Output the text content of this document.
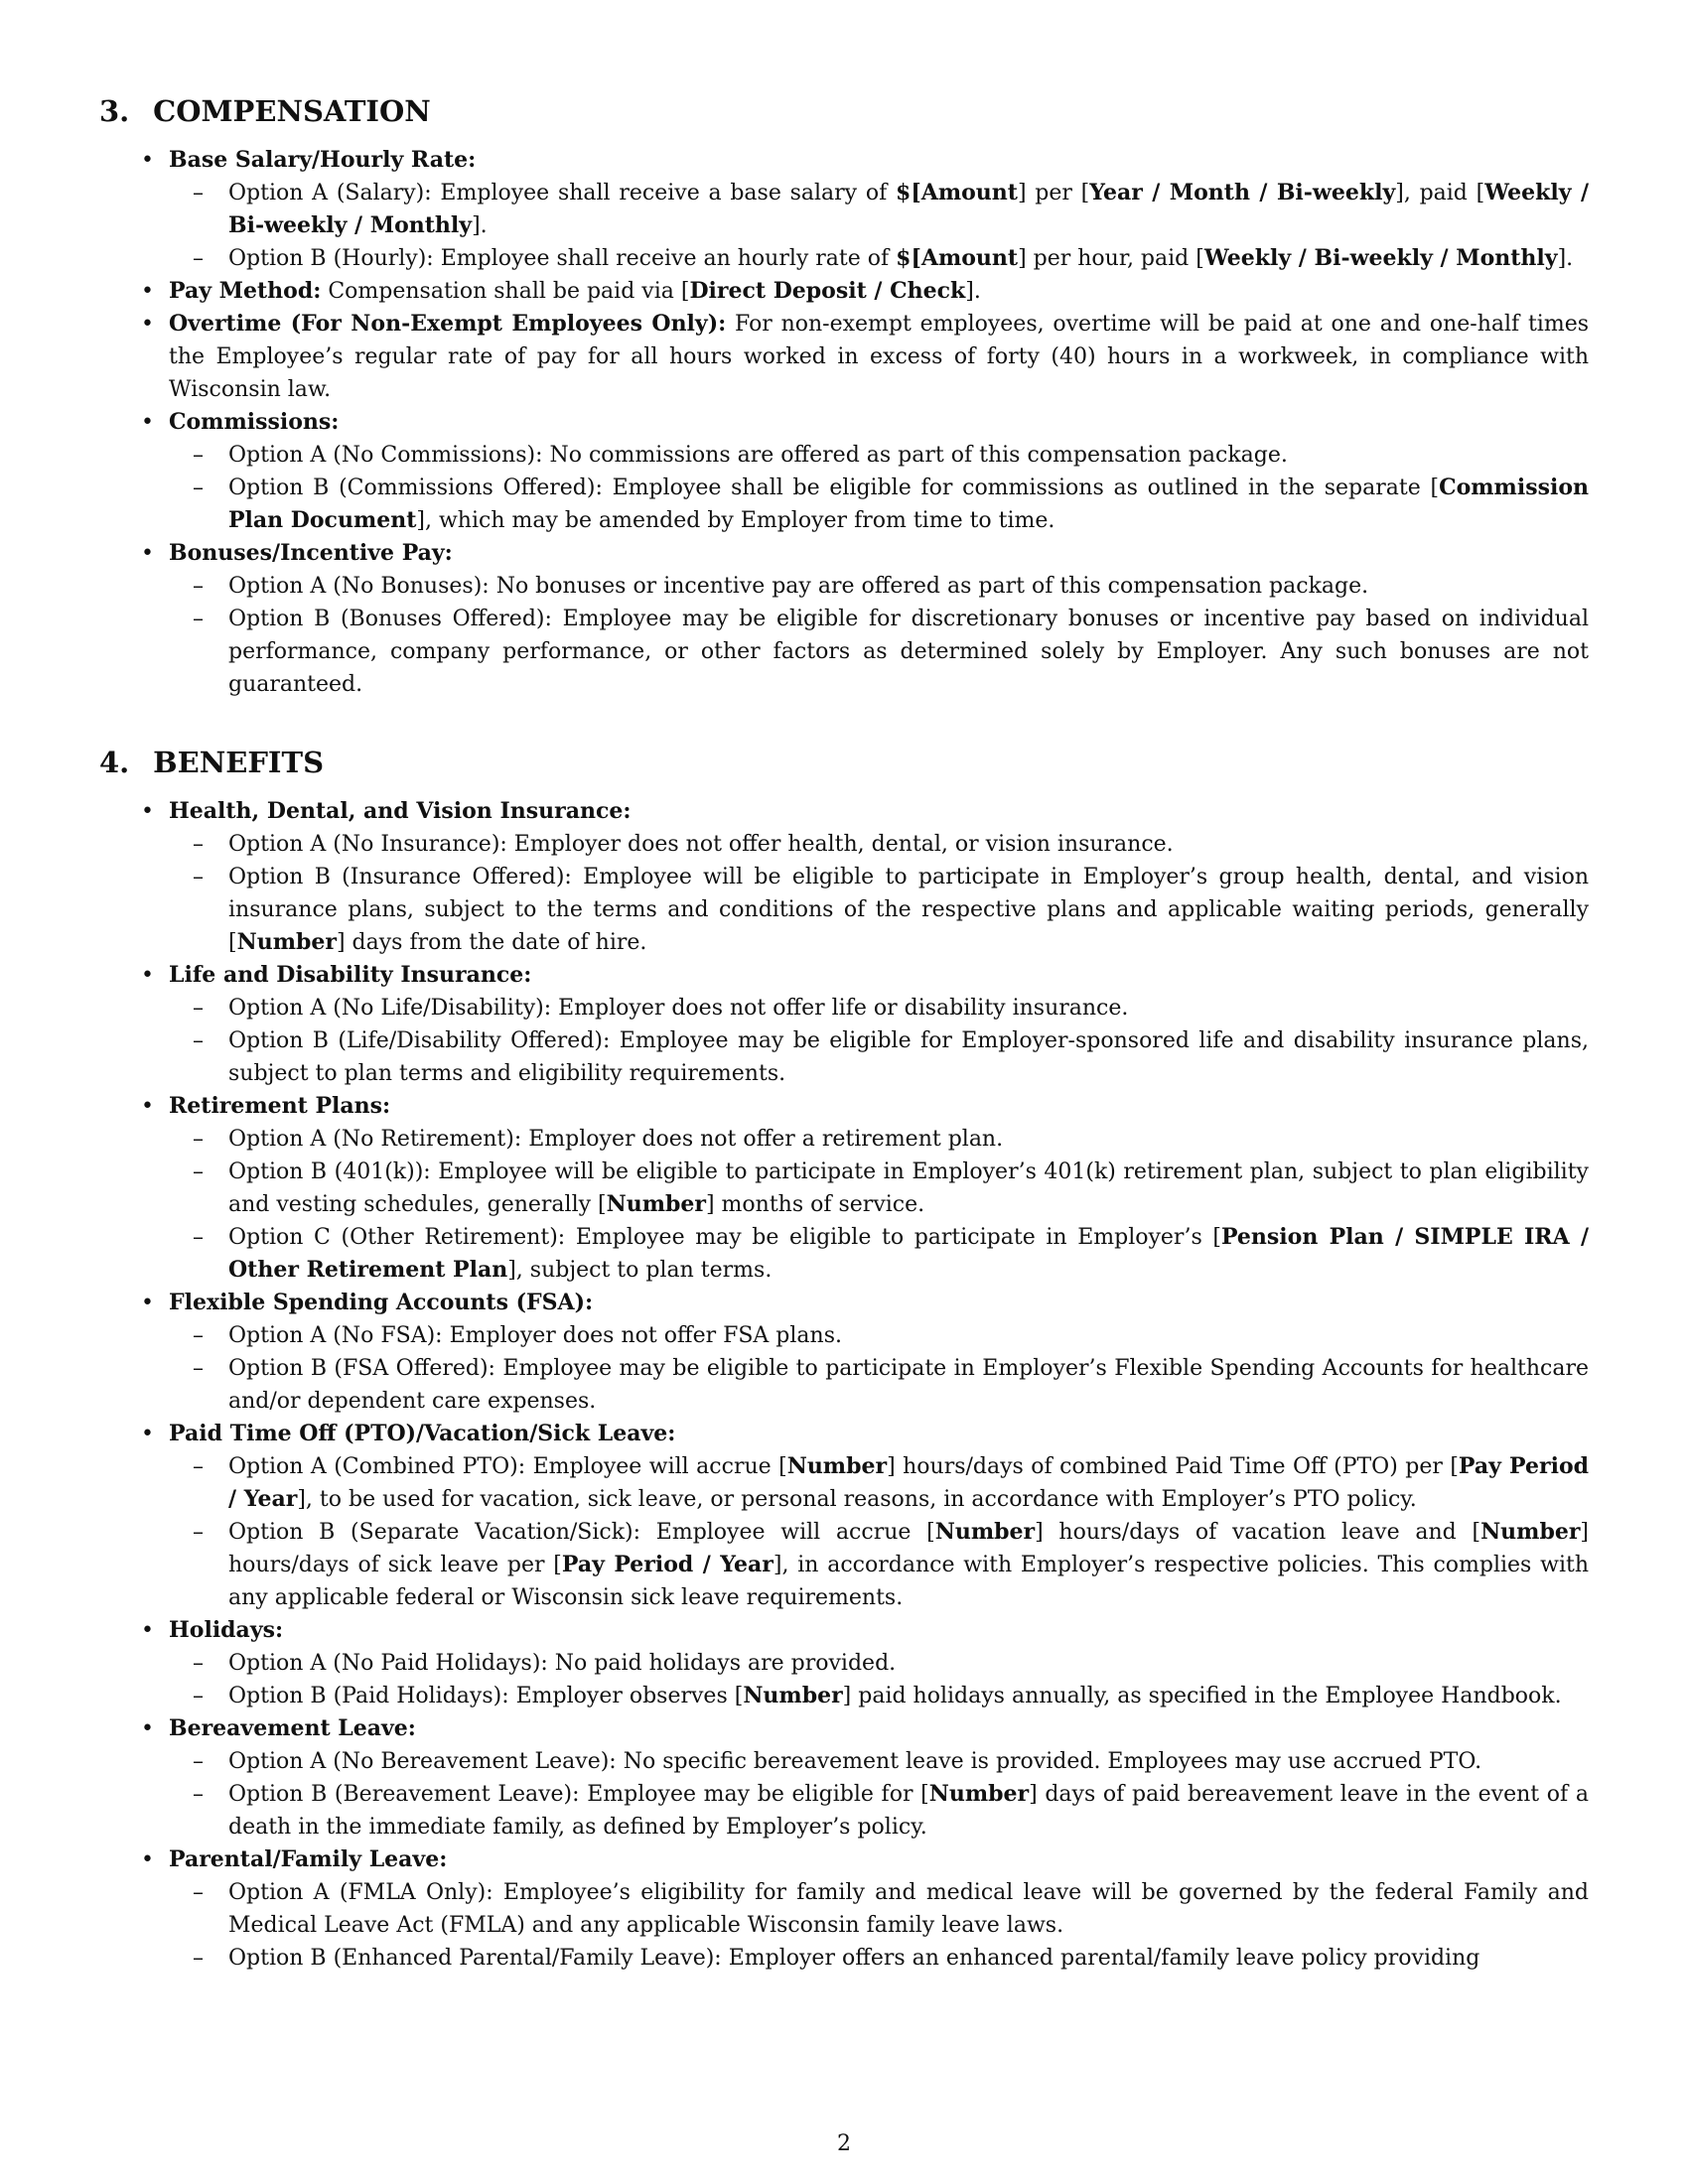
3. COMPENSATION
• Base Salary/Hourly Rate:
– Option A (Salary): Employee shall receive a base salary of $[Amount] per [Year / Month / Bi-weekly], paid [Weekly / Bi-weekly / Monthly].
– Option B (Hourly): Employee shall receive an hourly rate of $[Amount] per hour, paid [Weekly / Bi-weekly / Monthly].
• Pay Method: Compensation shall be paid via [Direct Deposit / Check].
• Overtime (For Non-Exempt Employees Only): For non-exempt employees, overtime will be paid at one and one-half times the Employee’s regular rate of pay for all hours worked in excess of forty (40) hours in a workweek, in compliance with Wisconsin law.
• Commissions:
– Option A (No Commissions): No commissions are offered as part of this compensation package.
– Option B (Commissions Offered): Employee shall be eligible for commissions as outlined in the separate [Commission Plan Document], which may be amended by Employer from time to time.
• Bonuses/Incentive Pay:
– Option A (No Bonuses): No bonuses or incentive pay are offered as part of this compensation package.
– Option B (Bonuses Offered): Employee may be eligible for discretionary bonuses or incentive pay based on individual performance, company performance, or other factors as determined solely by Employer. Any such bonuses are not guaranteed.
4. BENEFITS
• Health, Dental, and Vision Insurance:
– Option A (No Insurance): Employer does not offer health, dental, or vision insurance.
– Option B (Insurance Offered): Employee will be eligible to participate in Employer’s group health, dental, and vision insurance plans, subject to the terms and conditions of the respective plans and applicable waiting periods, generally [Number] days from the date of hire.
• Life and Disability Insurance:
– Option A (No Life/Disability): Employer does not offer life or disability insurance.
– Option B (Life/Disability Offered): Employee may be eligible for Employer-sponsored life and disability insurance plans, subject to plan terms and eligibility requirements.
• Retirement Plans:
– Option A (No Retirement): Employer does not offer a retirement plan.
– Option B (401(k)): Employee will be eligible to participate in Employer’s 401(k) retirement plan, subject to plan eligibility and vesting schedules, generally [Number] months of service.
– Option C (Other Retirement): Employee may be eligible to participate in Employer’s [Pension Plan / SIMPLE IRA / Other Retirement Plan], subject to plan terms.
• Flexible Spending Accounts (FSA):
– Option A (No FSA): Employer does not offer FSA plans.
– Option B (FSA Offered): Employee may be eligible to participate in Employer’s Flexible Spending Accounts for healthcare and/or dependent care expenses.
• Paid Time Off (PTO)/Vacation/Sick Leave:
– Option A (Combined PTO): Employee will accrue [Number] hours/days of combined Paid Time Off (PTO) per [Pay Period / Year], to be used for vacation, sick leave, or personal reasons, in accordance with Employer’s PTO policy.
– Option B (Separate Vacation/Sick): Employee will accrue [Number] hours/days of vacation leave and [Number] hours/days of sick leave per [Pay Period / Year], in accordance with Employer’s respective policies. This complies with any applicable federal or Wisconsin sick leave requirements.
• Holidays:
– Option A (No Paid Holidays): No paid holidays are provided.
– Option B (Paid Holidays): Employer observes [Number] paid holidays annually, as specified in the Employee Handbook.
• Bereavement Leave:
– Option A (No Bereavement Leave): No specific bereavement leave is provided. Employees may use accrued PTO.
– Option B (Bereavement Leave): Employee may be eligible for [Number] days of paid bereavement leave in the event of a death in the immediate family, as defined by Employer’s policy.
• Parental/Family Leave:
– Option A (FMLA Only): Employee’s eligibility for family and medical leave will be governed by the federal Family and Medical Leave Act (FMLA) and any applicable Wisconsin family leave laws.
– Option B (Enhanced Parental/Family Leave): Employer offers an enhanced parental/family leave policy providing
2
